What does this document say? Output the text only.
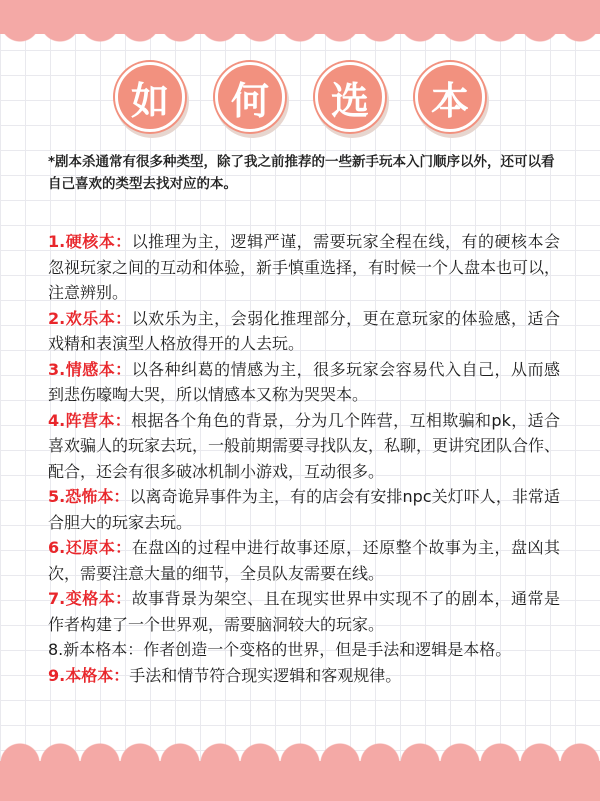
如	何	选	本
*剧本杀通常有很多种类型，除了我之前推荐的一些新手玩本入门顺序以外，还可以看自己喜欢的类型去找对应的本。
1.硬核本：以推理为主，逻辑严谨，需要玩家全程在线，有的硬核本会忽视玩家之间的互动和体验，新手慎重选择，有时候一个人盘本也可以，注意辨别。
2.欢乐本：以欢乐为主，会弱化推理部分，更在意玩家的体验感，适合戏精和表演型人格放得开的人去玩。
3.情感本：以各种纠葛的情感为主，很多玩家会容易代入自己，从而感到悲伤嚎啕大哭，所以情感本又称为哭哭本。
4.阵营本：根据各个角色的背景，分为几个阵营，互相欺骗和pk，适合喜欢骗人的玩家去玩，一般前期需要寻找队友，私聊，更讲究团队合作、配合，还会有很多破冰机制小游戏，互动很多。
5.恐怖本：以离奇诡异事件为主，有的店会有安排npc关灯吓人，非常适合胆大的玩家去玩。
6.还原本：在盘凶的过程中进行故事还原，还原整个故事为主，盘凶其次，需要注意大量的细节，全员队友需要在线。
7.变格本：故事背景为架空、且在现实世界中实现不了的剧本，通常是作者构建了一个世界观，需要脑洞较大的玩家。
8.新本格本：作者创造一个变格的世界，但是手法和逻辑是本格。
9.本格本：手法和情节符合现实逻辑和客观规律。
